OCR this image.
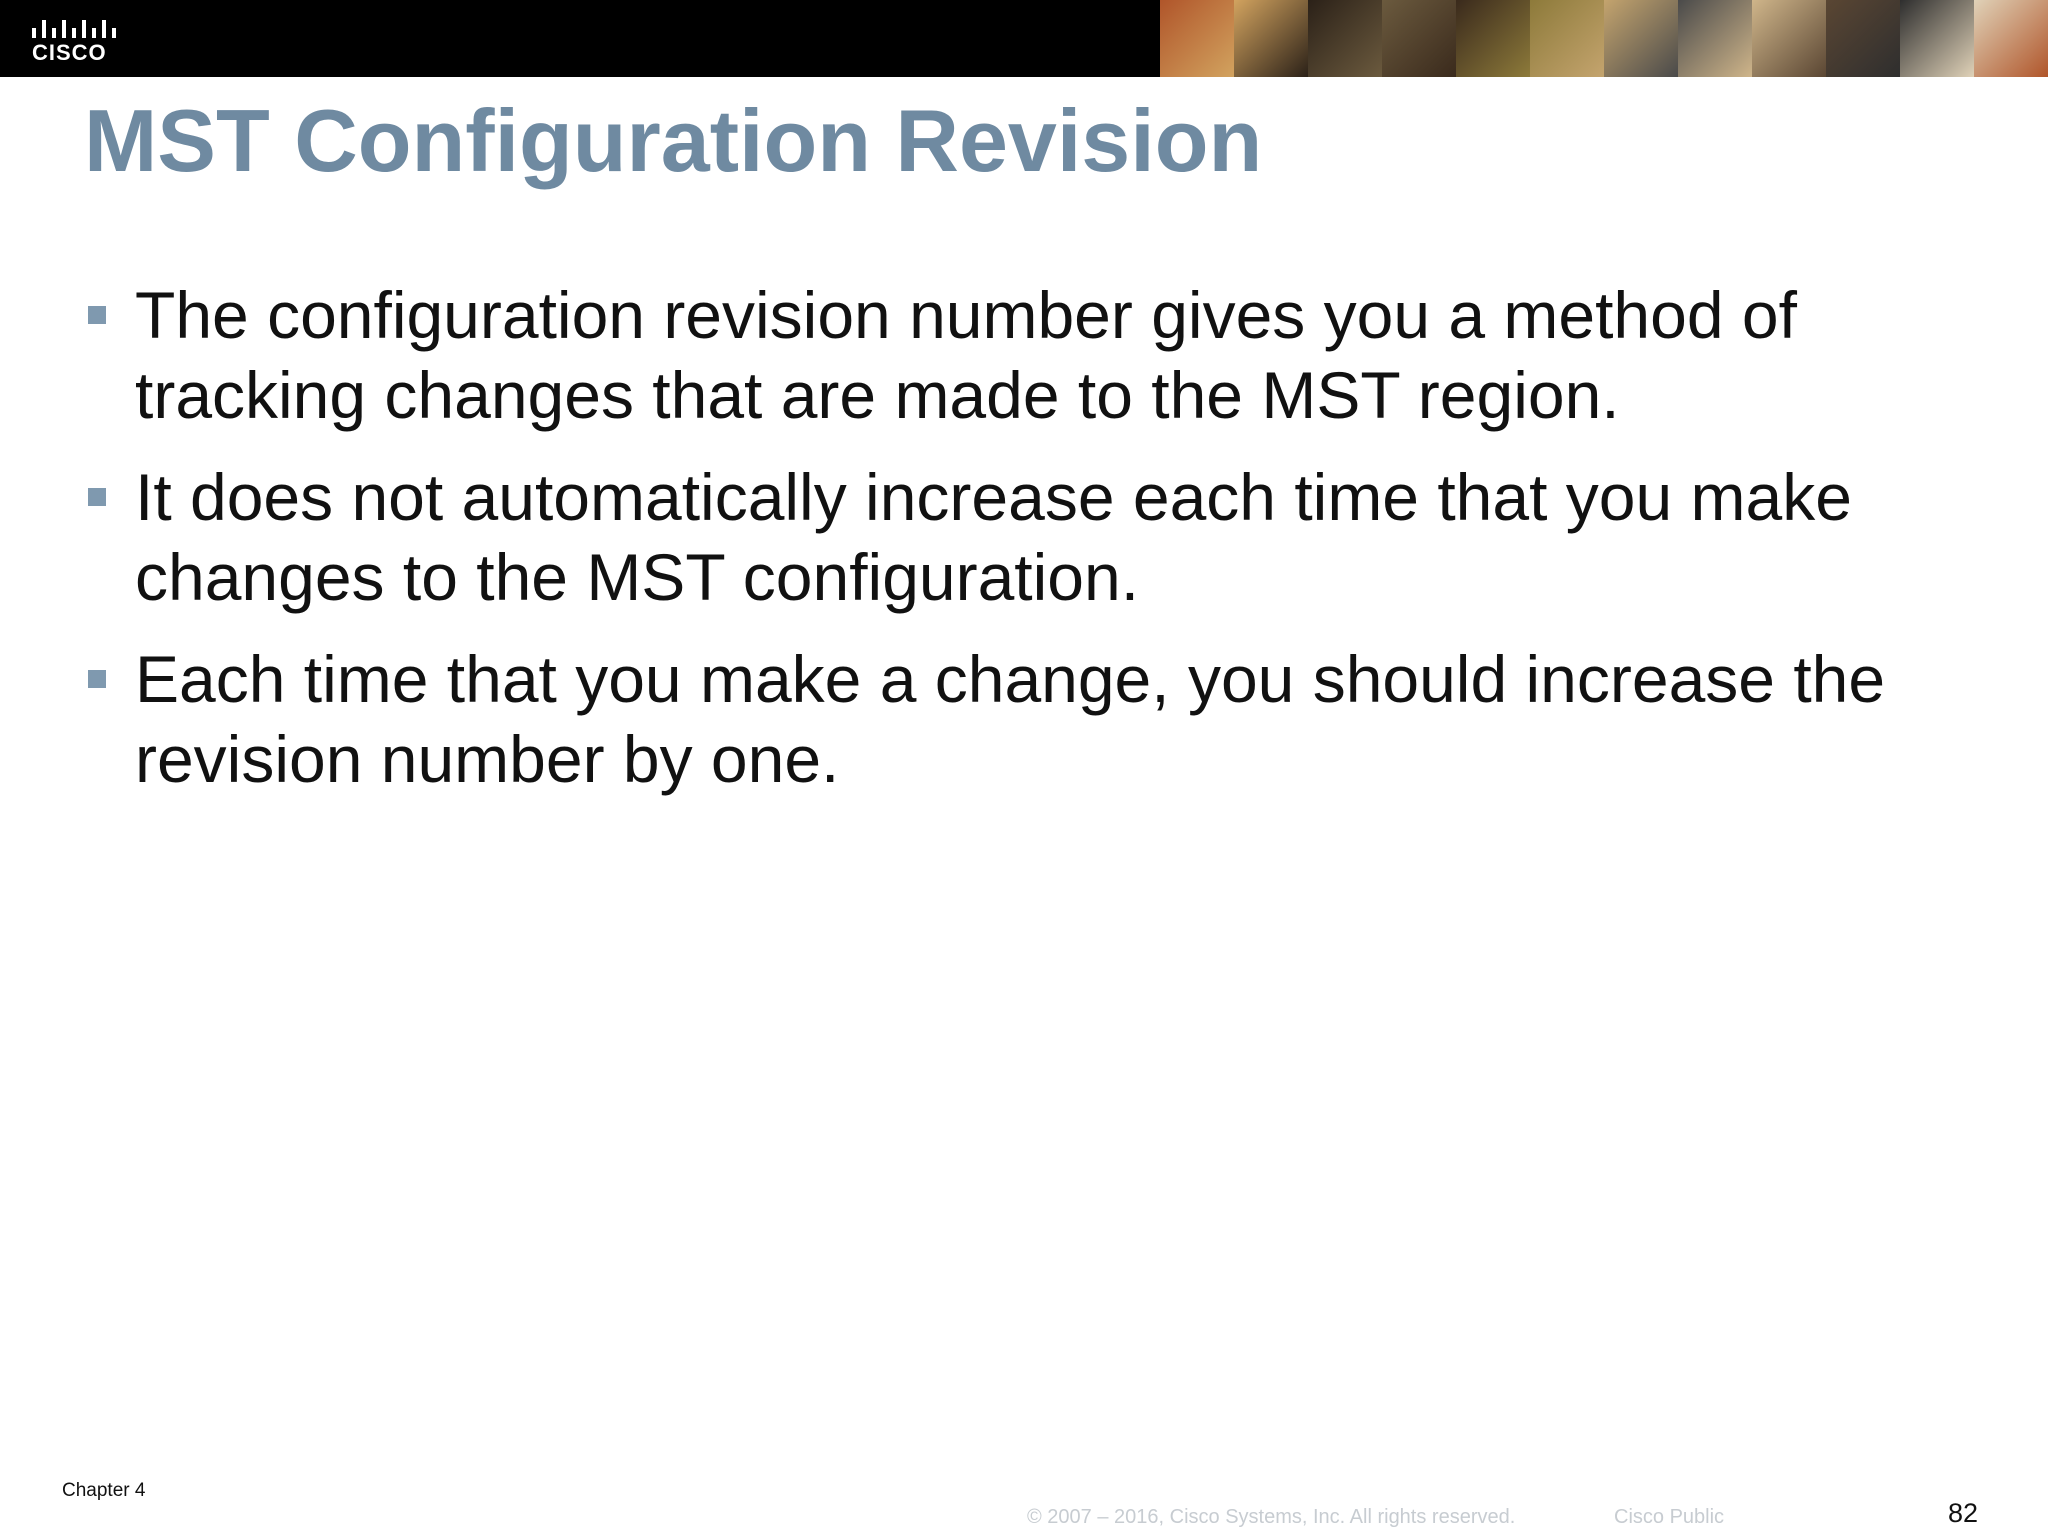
CISCO
MST Configuration Revision
The configuration revision number gives you a method of tracking changes that are made to the MST region.
It does not automatically increase each time that you make changes to the MST configuration.
Each time that you make a change, you should increase the revision number by one.
Chapter 4
© 2007 – 2016, Cisco Systems, Inc. All rights reserved.	Cisco Public	82
